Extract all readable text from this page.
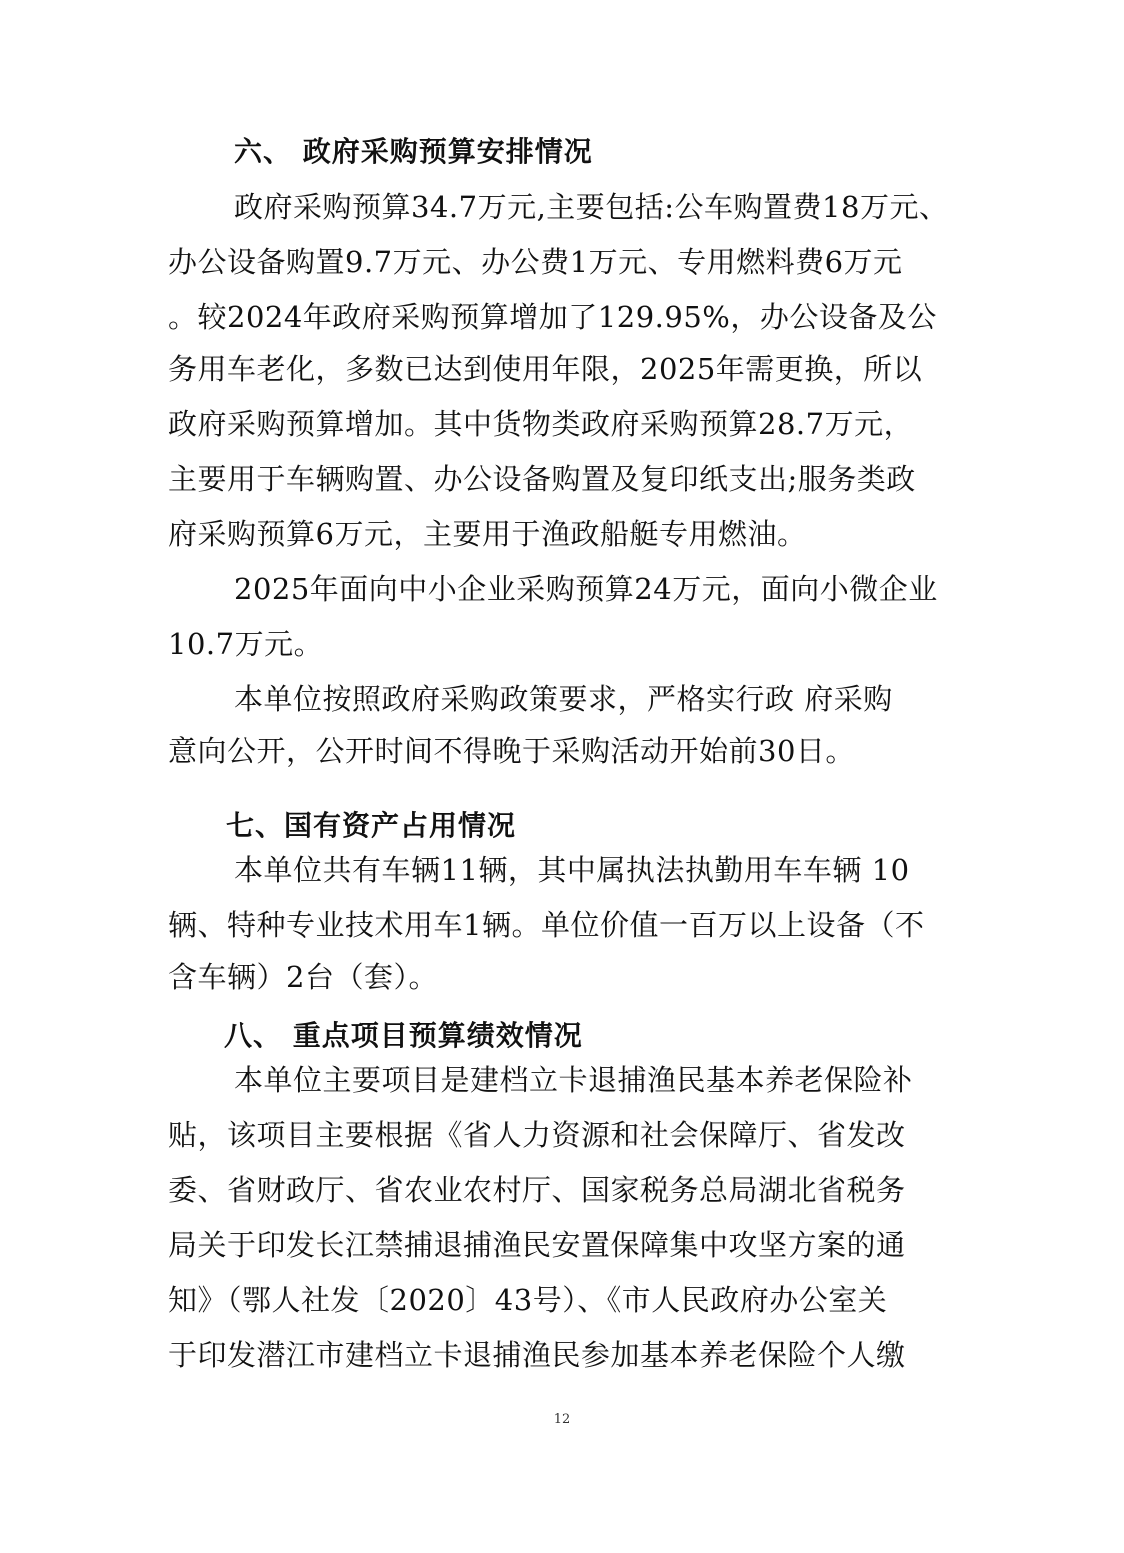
六、 政府采购预算安排情况
政府采购预算34.7万元,主要包括:公车购置费18万元、
办公设备购置9.7万元、办公费1万元、专用燃料费6万元
。较2024年政府采购预算增加了129.95%，办公设备及公
务用车老化，多数已达到使用年限，2025年需更换，所以
政府采购预算增加。其中货物类政府采购预算28.7万元，
主要用于车辆购置、办公设备购置及复印纸支出;服务类政
府采购预算6万元，主要用于渔政船艇专用燃油。
2025年面向中小企业采购预算24万元，面向小微企业
10.7万元。
本单位按照政府采购政策要求，严格实行政 府采购
意向公开，公开时间不得晚于采购活动开始前30日。
七、国有资产占用情况
本单位共有车辆11辆，其中属执法执勤用车车辆 10
辆、特种专业技术用车1辆。单位价值一百万以上设备（不
含车辆）2台（套）。
八、 重点项目预算绩效情况
本单位主要项目是建档立卡退捕渔民基本养老保险补
贴，该项目主要根据《省人力资源和社会保障厅、省发改
委、省财政厅、省农业农村厅、国家税务总局湖北省税务
局关于印发长江禁捕退捕渔民安置保障集中攻坚方案的通
知》（鄂人社发〔2020〕43号）、《市人民政府办公室关
于印发潜江市建档立卡退捕渔民参加基本养老保险个人缴
12
